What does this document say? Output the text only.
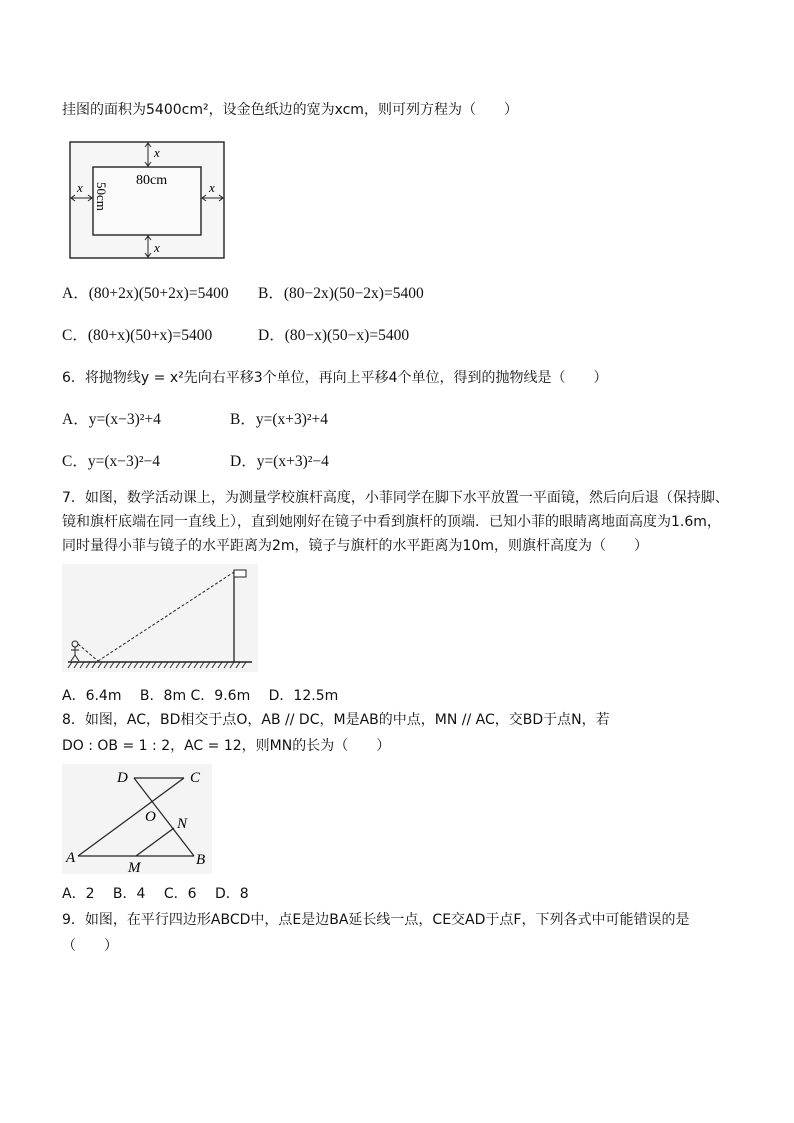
挂图的面积为5400cm²，设金色纸边的宽为xcm，则可列方程为（　　）
x
x
x	x
80cm
50cm
A．(80+2x)(50+2x)=5400 B．(80−2x)(50−2x)=5400
C．(80+x)(50+x)=5400	D．(80−x)(50−x)=5400
6．将抛物线y = x²先向右平移3个单位，再向上平移4个单位，得到的抛物线是（　　）
A．y=(x−3)²+4	B．y=(x+3)²+4
C．y=(x−3)²−4	D．y=(x+3)²−4
7．如图，数学活动课上，为测量学校旗杆高度，小菲同学在脚下水平放置一平面镜，然后向后退（保持脚、
镜和旗杆底端在同一直线上），直到她刚好在镜子中看到旗杆的顶端．已知小菲的眼睛离地面高度为1.6m，
同时量得小菲与镜子的水平距离为2m，镜子与旗杆的水平距离为10m，则旗杆高度为（　　）
A．6.4m　 B．8m C．9.6m　 D．12.5m
8．如图，AC，BD相交于点O，AB // DC，M是AB的中点，MN // AC，交BD于点N，若
DO : OB = 1 : 2，AC = 12，则MN的长为（　　）
D	C
O N
A
M	B
A．2　 B．4　 C．6　 D．8
9．如图，在平行四边形ABCD中，点E是边BA延长线一点，CE交AD于点F，下列各式中可能错误的是
（　　）
